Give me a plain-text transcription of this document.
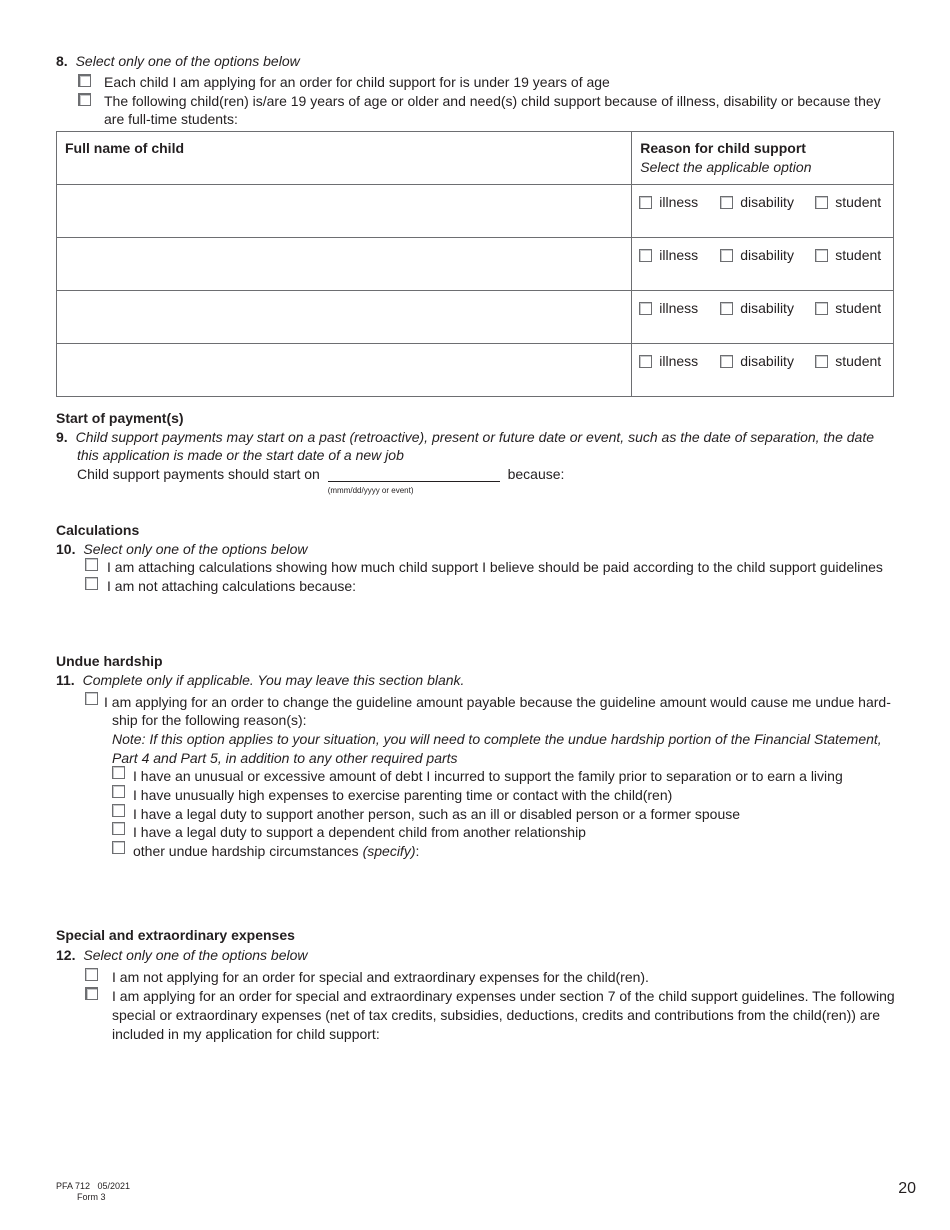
8. Select only one of the options below
Each child I am applying for an order for child support for is under 19 years of age
The following child(ren) is/are 19 years of age or older and need(s) child support because of illness, disability or because they
are full-time students:
Full name of child	Reason for child support
Select the applicable option

	illness disability student

	illness disability student

	illness disability student

	illness disability student
Start of payment(s)
9. Child support payments may start on a past (retroactive), present or future date or event, such as the date of separation, the date
this application is made or the start date of a new job
Child support payments should start on
(mmm/dd/yyyy or event)
because:
Calculations
10. Select only one of the options below
I am attaching calculations showing how much child support I believe should be paid according to the child support guidelines
I am not attaching calculations because:
Undue hardship
11. Complete only if applicable. You may leave this section blank.
I am applying for an order to change the guideline amount payable because the guideline amount would cause me undue hard-
ship for the following reason(s):
Note: If this option applies to your situation, you will need to complete the undue hardship portion of the Financial Statement,
Part 4 and Part 5, in addition to any other required parts
I have an unusual or excessive amount of debt I incurred to support the family prior to separation or to earn a living
I have unusually high expenses to exercise parenting time or contact with the child(ren)
I have a legal duty to support another person, such as an ill or disabled person or a former spouse
I have a legal duty to support a dependent child from another relationship
other undue hardship circumstances (specify):
Special and extraordinary expenses
12. Select only one of the options below
I am not applying for an order for special and extraordinary expenses for the child(ren).
I am applying for an order for special and extraordinary expenses under section 7 of the child support guidelines. The following
special or extraordinary expenses (net of tax credits, subsidies, deductions, credits and contributions from the child(ren)) are
included in my application for child support:
PFA 712   05/2021
Form 3	20
